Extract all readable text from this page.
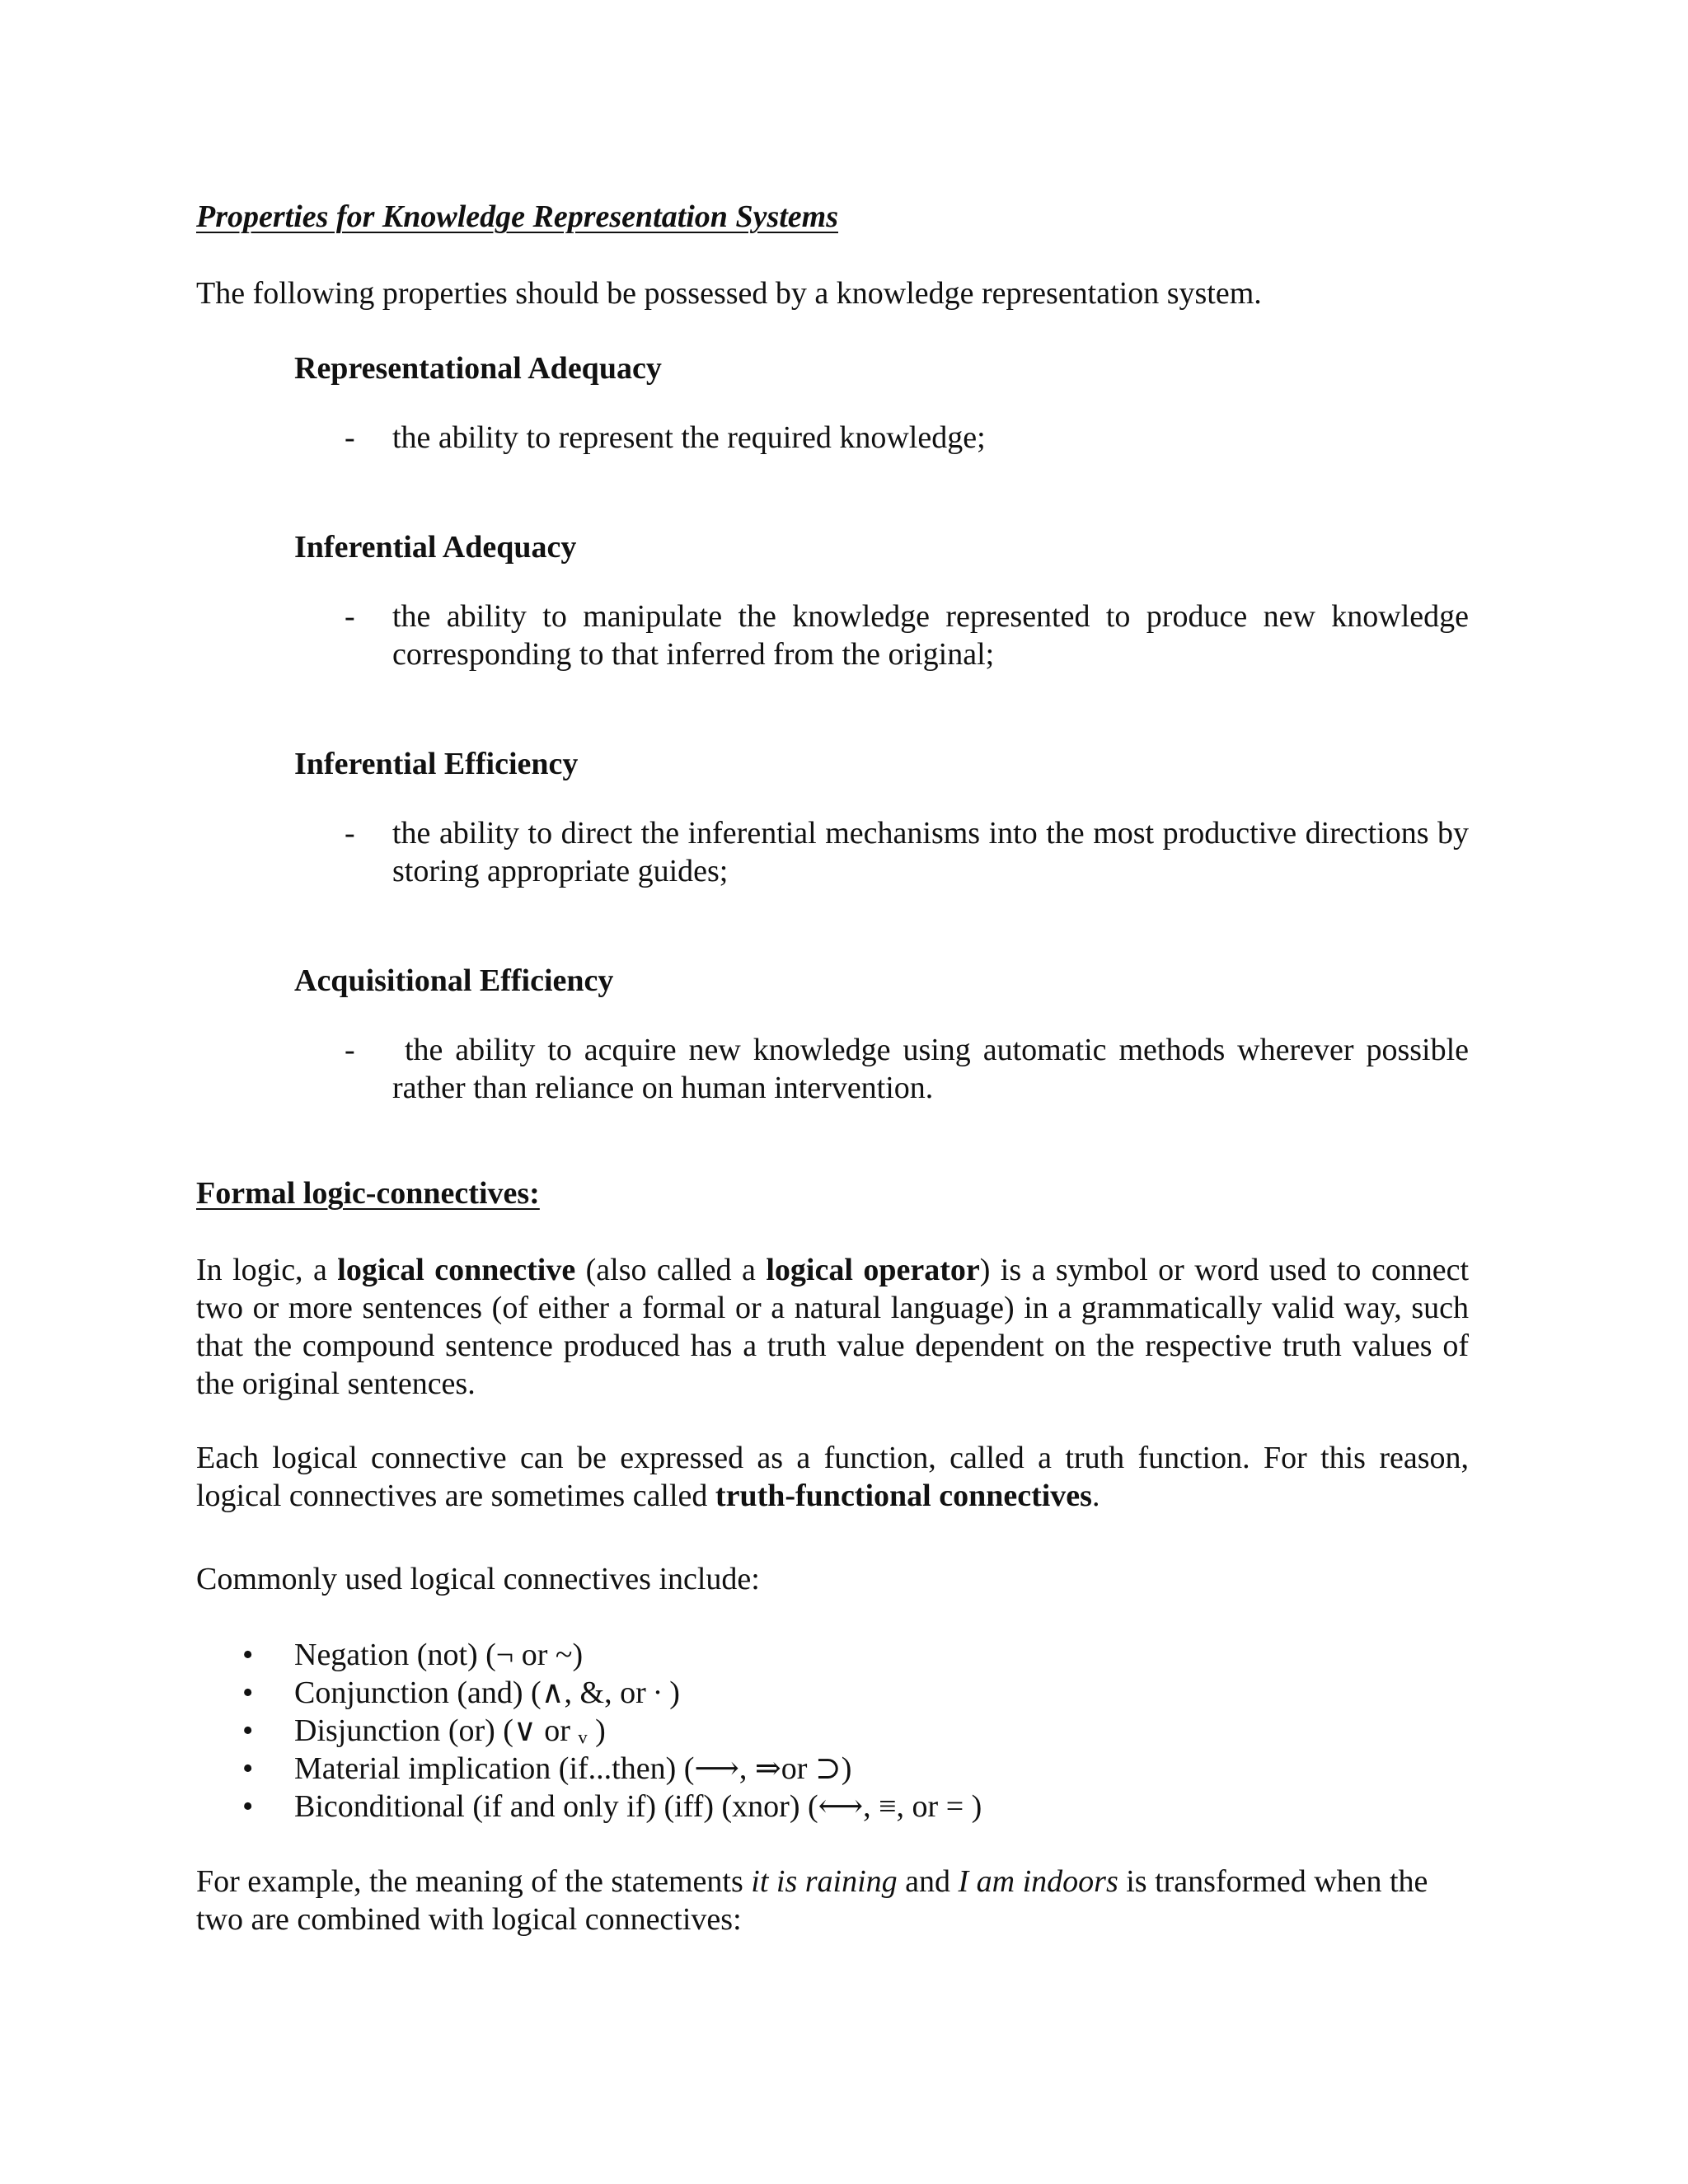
Properties for Knowledge Representation Systems
The following properties should be possessed by a knowledge representation system.
Representational Adequacy
- the ability to represent the required knowledge;
Inferential Adequacy
- the ability to manipulate the knowledge represented to produce new knowledge corresponding to that inferred from the original;
Inferential Efficiency
- the ability to direct the inferential mechanisms into the most productive directions by storing appropriate guides;
Acquisitional Efficiency
- the ability to acquire new knowledge using automatic methods wherever possible rather than reliance on human intervention.
Formal logic-connectives:
In logic, a logical connective (also called a logical operator) is a symbol or word used to connect two or more sentences (of either a formal or a natural language) in a grammatically valid way, such that the compound sentence produced has a truth value dependent on the respective truth values of the original sentences.
Each logical connective can be expressed as a function, called a truth function. For this reason, logical connectives are sometimes called truth-functional connectives.
Commonly used logical connectives include:
• Negation (not) (¬ or ~)
• Conjunction (and) (∧, &, or ∙ )
• Disjunction (or) (∨ or ᵥ )
• Material implication (if...then) (⟶, ⇒or ⊃)
• Biconditional (if and only if) (iff) (xnor) (⟷, ≡, or = )
For example, the meaning of the statements it is raining and I am indoors is transformed when the two are combined with logical connectives:
